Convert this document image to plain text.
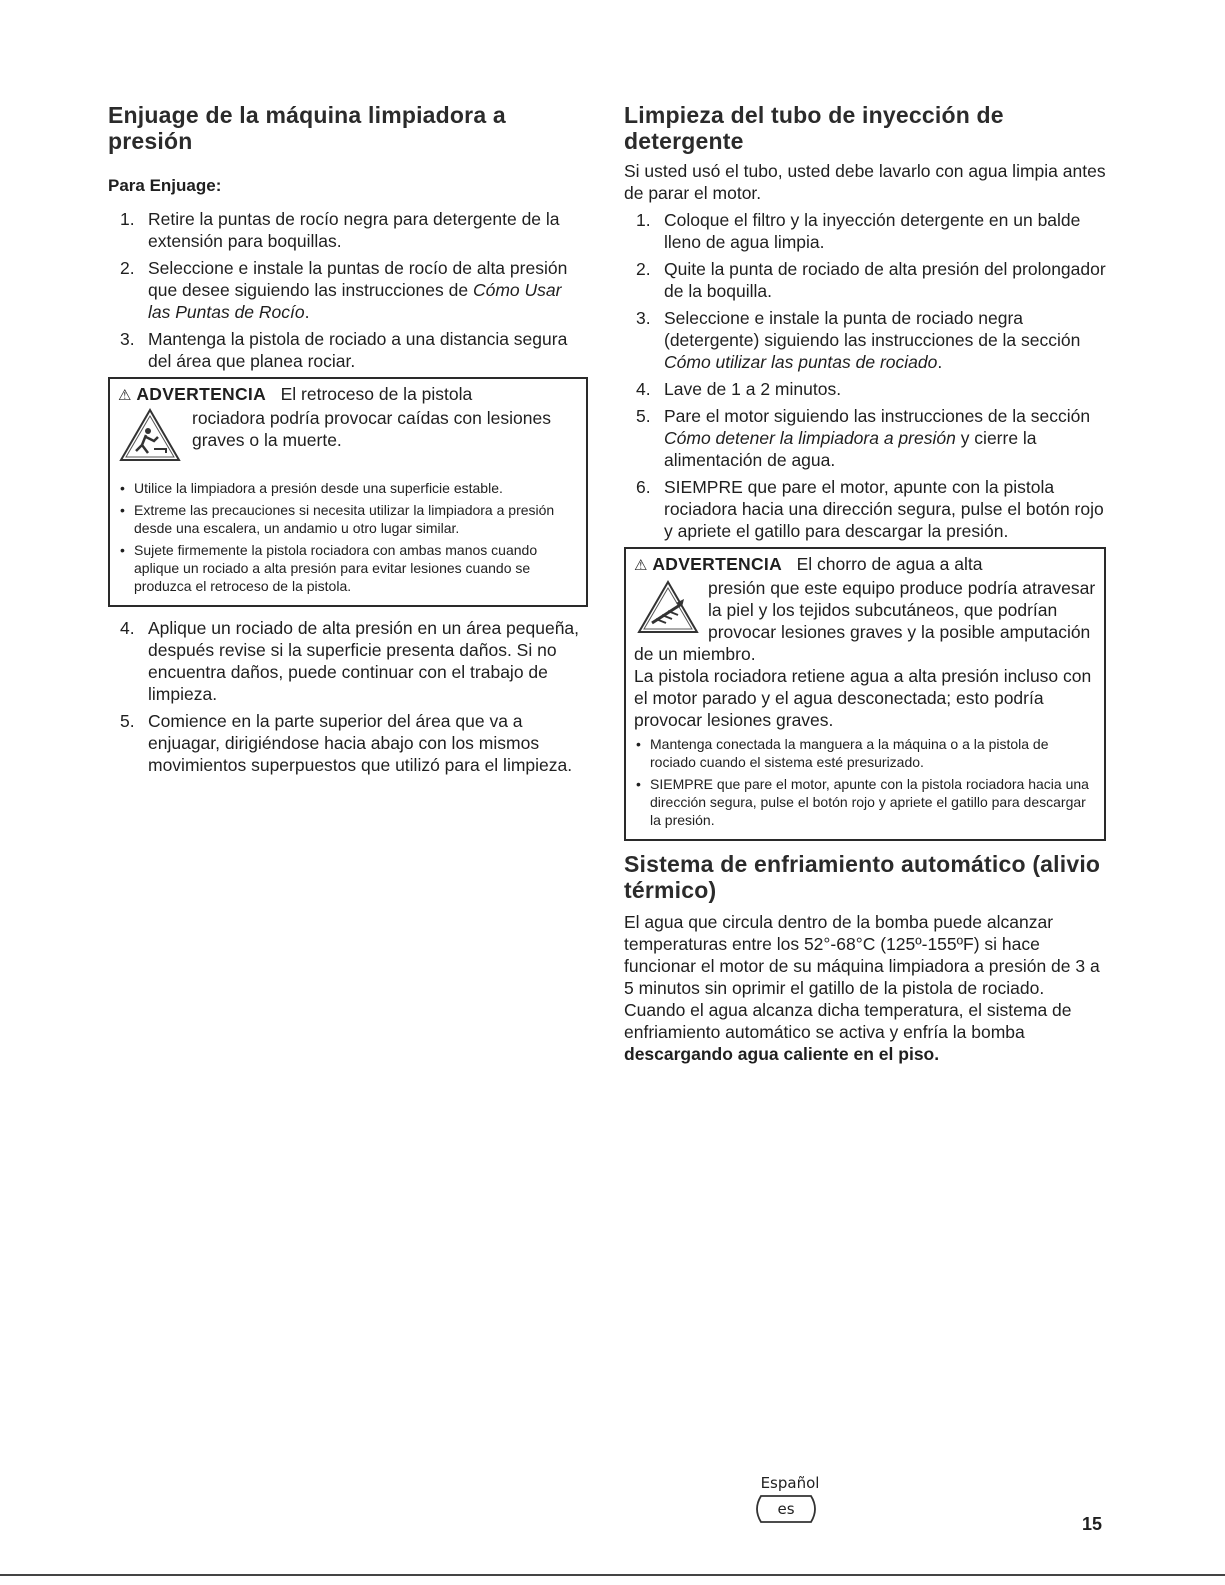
Enjuage de la máquina limpiadora a presión
Para Enjuage:
1. Retire la puntas de rocío negra para detergente de la extensión para boquillas.
2. Seleccione e instale la puntas de rocío de alta presión que desee siguiendo las instrucciones de Cómo Usar las Puntas de Rocío.
3. Mantenga la pistola de rociado a una distancia segura del área que planea rociar.
⚠ ADVERTENCIA El retroceso de la pistola
rociadora podría provocar caídas con lesiones graves o la muerte.
• Utilice la limpiadora a presión desde una superficie estable.
• Extreme las precauciones si necesita utilizar la limpiadora a presión desde una escalera, un andamio u otro lugar similar.
• Sujete firmemente la pistola rociadora con ambas manos cuando aplique un rociado a alta presión para evitar lesiones cuando se produzca el retroceso de la pistola.
4. Aplique un rociado de alta presión en un área pequeña, después revise si la superficie presenta daños. Si no encuentra daños, puede continuar con el trabajo de limpieza.
5. Comience en la parte superior del área que va a enjuagar, dirigiéndose hacia abajo con los mismos movimientos superpuestos que utilizó para el limpieza.
Limpieza del tubo de inyección de detergente

Si usted usó el tubo, usted debe lavarlo con agua limpia antes de parar el motor.

1. Coloque el filtro y la inyección detergente en un balde lleno de agua limpia.
2. Quite la punta de rociado de alta presión del prolongador de la boquilla.
3. Seleccione e instale la punta de rociado negra (detergente) siguiendo las instrucciones de la sección Cómo utilizar las puntas de rociado.
4. Lave de 1 a 2 minutos.
5. Pare el motor siguiendo las instrucciones de la sección Cómo detener la limpiadora a presión y cierre la alimentación de agua.
6. SIEMPRE que pare el motor, apunte con la pistola rociadora hacia una dirección segura, pulse el botón rojo y apriete el gatillo para descargar la presión.
⚠ ADVERTENCIA El chorro de agua a alta
presión que este equipo produce podría atravesar la piel y los tejidos subcutáneos, que podrían provocar lesiones graves y la posible amputación de un miembro.

La pistola rociadora retiene agua a alta presión incluso con el motor parado y el agua desconectada; esto podría provocar lesiones graves.

• Mantenga conectada la manguera a la máquina o a la pistola de rociado cuando el sistema esté presurizado.
• SIEMPRE que pare el motor, apunte con la pistola rociadora hacia una dirección segura, pulse el botón rojo y apriete el gatillo para descargar la presión.
Sistema de enfriamiento automático (alivio térmico)

El agua que circula dentro de la bomba puede alcanzar temperaturas entre los 52°-68°C (125º-155ºF) si hace funcionar el motor de su máquina limpiadora a presión de 3 a 5 minutos sin oprimir el gatillo de la pistola de rociado. Cuando el agua alcanza dicha temperatura, el sistema de enfriamiento automático se activa y enfría la bomba descargando agua caliente en el piso.

Español
es
15
